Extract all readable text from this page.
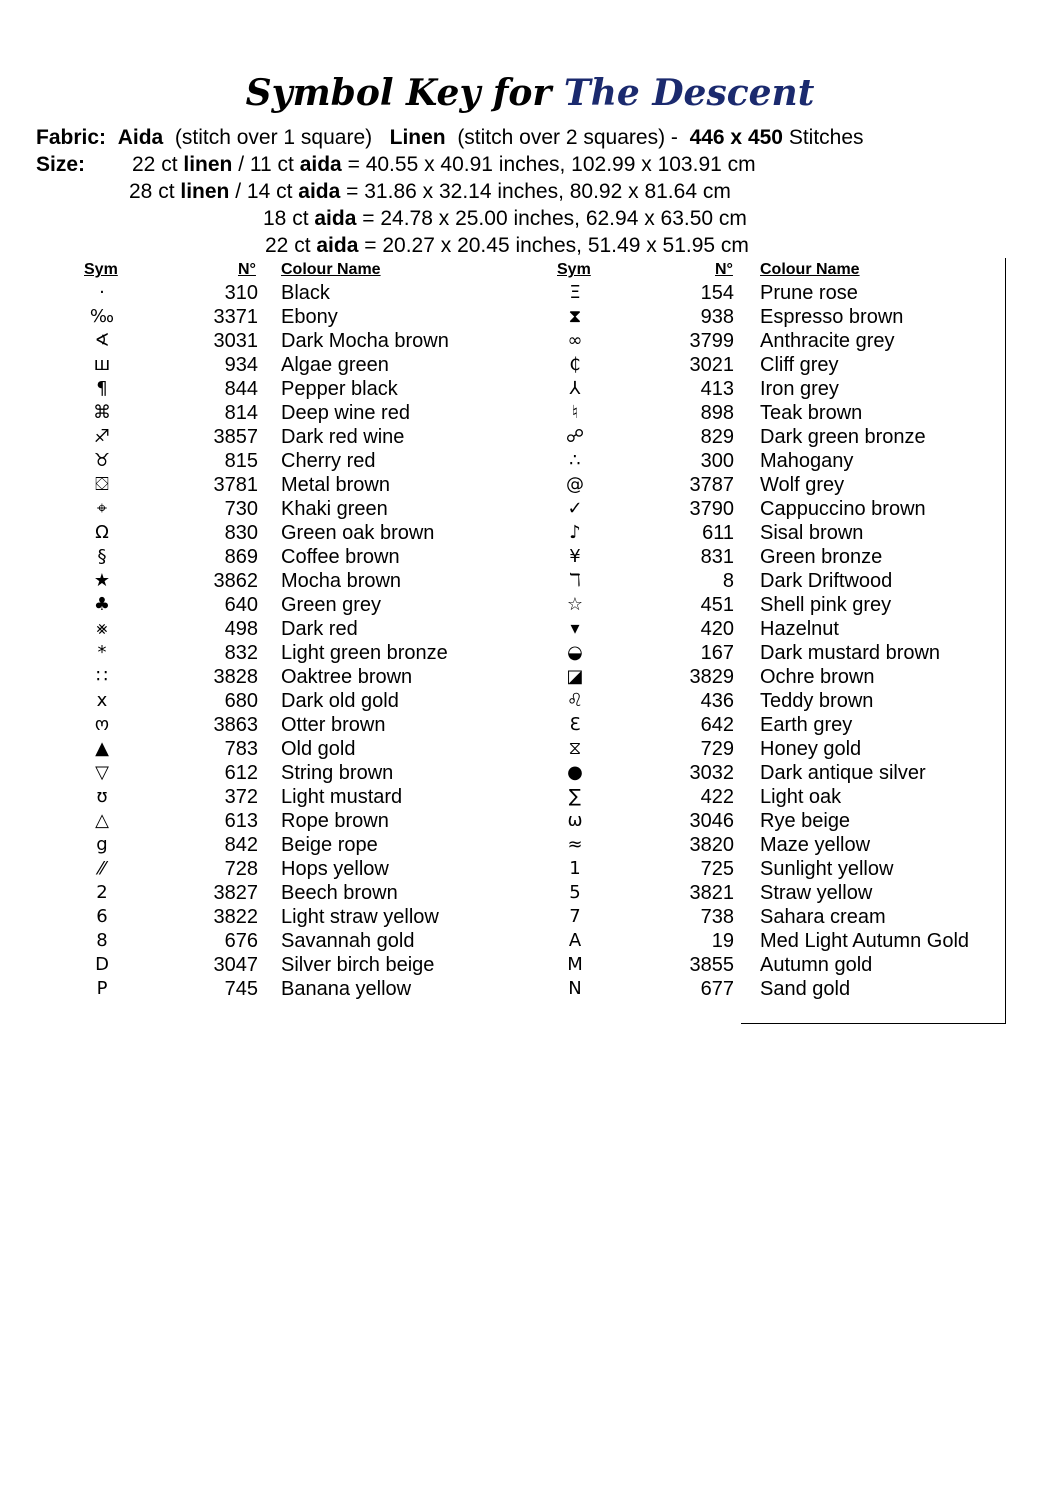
Symbol Key for The Descent
Fabric: Aida (stitch over 1 square) Linen (stitch over 2 squares) - 446 x 450 Stitches
Size: 22 ct linen / 11 ct aida = 40.55 x 40.91 inches, 102.99 x 103.91 cm
28 ct linen / 14 ct aida = 31.86 x 32.14 inches, 80.92 x 81.64 cm
18 ct aida = 24.78 x 25.00 inches, 62.94 x 63.50 cm
22 ct aida = 20.27 x 20.45 inches, 51.49 x 51.95 cm
Sym	N° Colour Name	Sym	N° Colour Name
·	310 Black
‰	3371 Ebony
∢	3031 Dark Mocha brown
ш	934 Algae green
¶	844 Pepper black
⌘	814 Deep wine red
♐	3857 Dark red wine
♉	815 Cherry red
⛋	3781 Metal brown
⌖	730 Khaki green
Ω	830 Green oak brown
§	869 Coffee brown
★	3862 Mocha brown
♣	640 Green grey
⨳	498 Dark red
*	832 Light green bronze
∷	3828 Oaktree brown
x	680 Dark old gold
ო	3863 Otter brown
▲	783 Old gold
▽	612 String brown
ʊ	372 Light mustard
△	613 Rope brown
g	842 Beige rope
⁄⁄	728 Hops yellow
2	3827 Beech brown
6	3822 Light straw yellow
8	676 Savannah gold
D	3047 Silver birch beige
P	745 Banana yellow
Ξ	154 Prune rose
⧗	938 Espresso brown
∞	3799 Anthracite grey
₵	3021 Cliff grey
⅄	413 Iron grey
♮	898 Teak brown
☍	829 Dark green bronze
∴	300 Mahogany
@	3787 Wolf grey
✓	3790 Cappuccino brown
♪	611 Sisal brown
¥	831 Green bronze
ℸ	8 Dark Driftwood
☆	451 Shell pink grey
▾	420 Hazelnut
◒	167 Dark mustard brown
◪	3829 Ochre brown
♌	436 Teddy brown
Ɛ	642 Earth grey
⧖	729 Honey gold
●	3032 Dark antique silver
∑	422 Light oak
ω	3046 Rye beige
≈	3820 Maze yellow
1	725 Sunlight yellow
5	3821 Straw yellow
7	738 Sahara cream
A	19 Med Light Autumn Gold
M	3855 Autumn gold
N	677 Sand gold
